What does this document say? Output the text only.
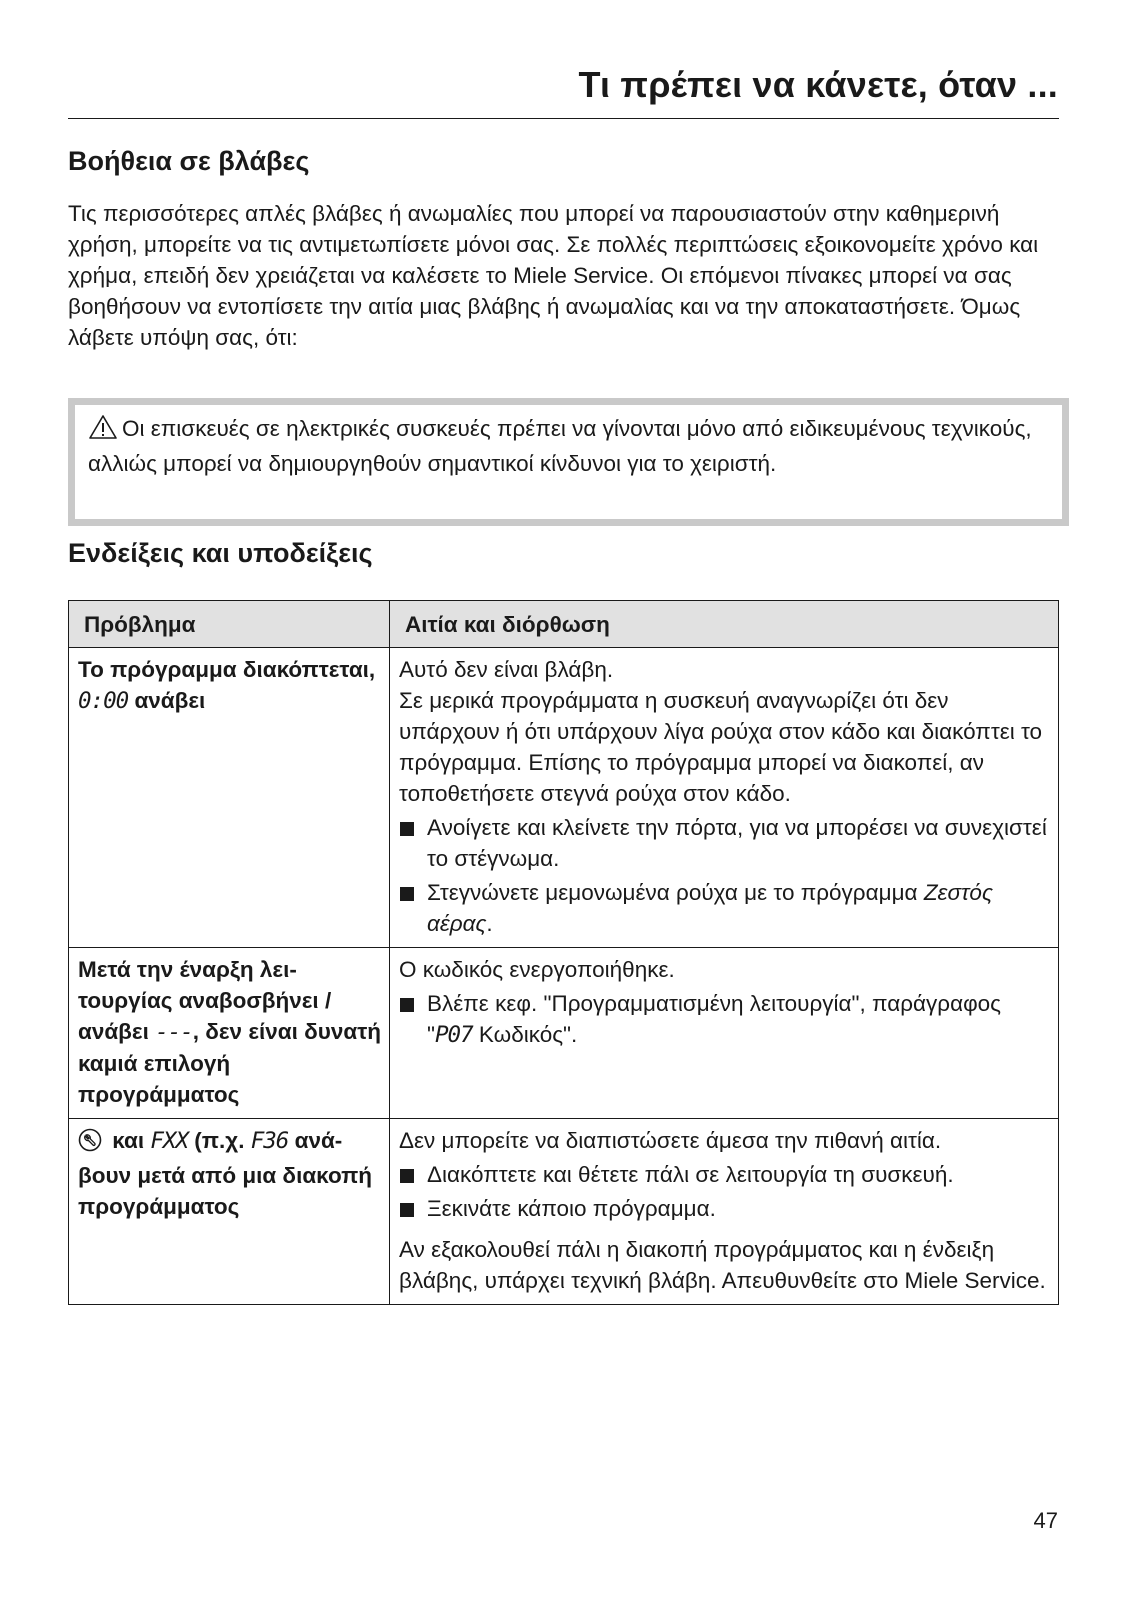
Τι πρέπει να κάνετε, όταν ...
Βοήθεια σε βλάβες
Τις περισσότερες απλές βλάβες ή ανωμαλίες που μπορεί να παρουσιαστούν στην καθημερινή χρήση, μπορείτε να τις αντιμετωπίσετε μόνοι σας. Σε πολλές περιπτώσεις εξοικονομείτε χρόνο και χρήμα, επειδή δεν χρειάζεται να καλέσετε το Miele Service. Οι επόμενοι πίνακες μπορεί να σας βοηθήσουν να εντοπίσετε την αιτία μιας βλάβης ή ανωμαλίας και να την αποκαταστήσετε. Όμως λάβετε υπόψη σας, ότι:
Οι επισκευές σε ηλεκτρικές συσκευές πρέπει να γίνονται μόνο από ειδικευμένους τεχνικούς, αλλιώς μπορεί να δημιουργηθούν σημαντικοί κίνδυνοι για το χειριστή.
Ενδείξεις και υποδείξεις
Πρόβλημα	Αιτία και διόρθωση
Το πρόγραμμα διακόπτεται, 0:00 ανάβει	Αυτό δεν είναι βλάβη.
Σε μερικά προγράμματα η συσκευή αναγνωρίζει ότι δεν υπάρχουν ή ότι υπάρχουν λίγα ρούχα στον κάδο και διακόπτει το πρόγραμμα. Επίσης το πρόγραμμα μπορεί να διακοπεί, αν τοποθετήσετε στεγνά ρούχα στον κάδο.
Ανοίγετε και κλείνετε την πόρτα, για να μπορέσει να συνεχιστεί το στέγνωμα.
Στεγνώνετε μεμονωμένα ρούχα με το πρόγραμμα Ζεστός αέρας.

Μετά την έναρξη λειτουργίας αναβοσβήνει / ανάβει ---, δεν είναι δυνατή καμιά επιλογή προγράμματος	Ο κωδικός ενεργοποιήθηκε.
Βλέπε κεφ. "Προγραμματισμένη λειτουργία", παράγραφος "P07 Κωδικός".

και FXX (π.χ. F36 ανάβουν μετά από μια διακοπή προγράμματος	Δεν μπορείτε να διαπιστώσετε άμεσα την πιθανή αιτία.
Διακόπτετε και θέτετε πάλι σε λειτουργία τη συσκευή.
Ξεκινάτε κάποιο πρόγραμμα.
Αν εξακολουθεί πάλι η διακοπή προγράμματος και η ένδειξη βλάβης, υπάρχει τεχνική βλάβη. Απευθυνθείτε στο Miele Service.
47
